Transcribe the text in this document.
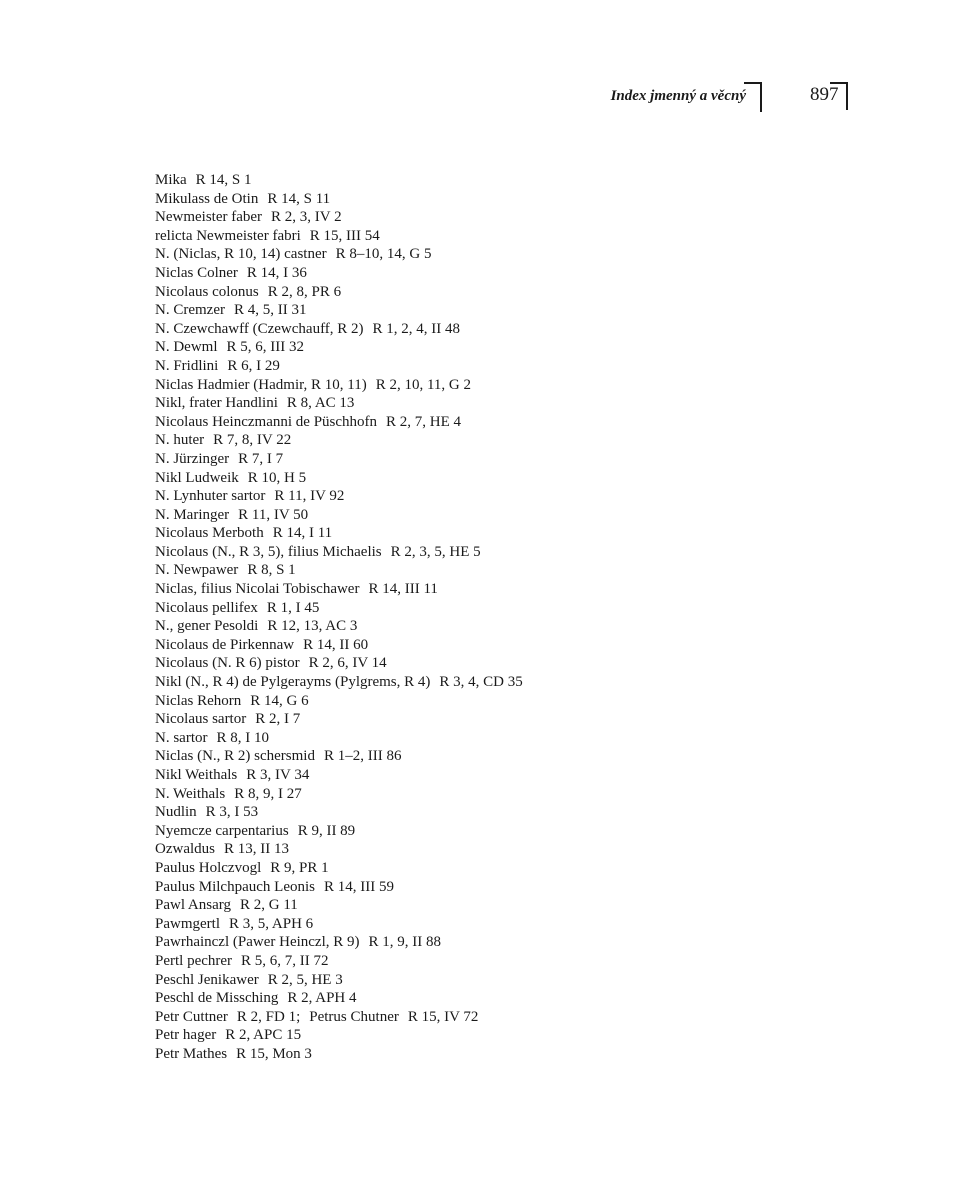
Index jmenný a věcný	897
Mika R 14, S 1
Mikulass de Otin R 14, S 11
Newmeister faber R 2, 3, IV 2
relicta Newmeister fabri R 15, III 54
N. (Niclas, R 10, 14) castner R 8–10, 14, G 5
Niclas Colner R 14, I 36
Nicolaus colonus R 2, 8, PR 6
N. Cremzer R 4, 5, II 31
N. Czewchawff (Czewchauff, R 2) R 1, 2, 4, II 48
N. Dewml R 5, 6, III 32
N. Fridlini R 6, I 29
Niclas Hadmier (Hadmir, R 10, 11) R 2, 10, 11, G 2
Nikl, frater Handlini R 8, AC 13
Nicolaus Heinczmanni de Püschhofn R 2, 7, HE 4
N. huter R 7, 8, IV 22
N. Jürzinger R 7, I 7
Nikl Ludweik R 10, H 5
N. Lynhuter sartor R 11, IV 92
N. Maringer R 11, IV 50
Nicolaus Merboth R 14, I 11
Nicolaus (N., R 3, 5), filius Michaelis R 2, 3, 5, HE 5
N. Newpawer R 8, S 1
Niclas, filius Nicolai Tobischawer R 14, III 11
Nicolaus pellifex R 1, I 45
N., gener Pesoldi R 12, 13, AC 3
Nicolaus de Pirkennaw R 14, II 60
Nicolaus (N. R 6) pistor R 2, 6, IV 14
Nikl (N., R 4) de Pylgerayms (Pylgrems, R 4) R 3, 4, CD 35
Niclas Rehorn R 14, G 6
Nicolaus sartor R 2, I 7
N. sartor R 8, I 10
Niclas (N., R 2) schersmid R 1–2, III 86
Nikl Weithals R 3, IV 34
N. Weithals R 8, 9, I 27
Nudlin R 3, I 53
Nyemcze carpentarius R 9, II 89
Ozwaldus R 13, II 13
Paulus Holczvogl R 9, PR 1
Paulus Milchpauch Leonis R 14, III 59
Pawl Ansarg R 2, G 11
Pawmgertl R 3, 5, APH 6
Pawrhainczl (Pawer Heinczl, R 9) R 1, 9, II 88
Pertl pechrer R 5, 6, 7, II 72
Peschl Jenikawer R 2, 5, HE 3
Peschl de Missching R 2, APH 4
Petr Cuttner R 2, FD 1; Petrus Chutner R 15, IV 72
Petr hager R 2, APC 15
Petr Mathes R 15, Mon 3
